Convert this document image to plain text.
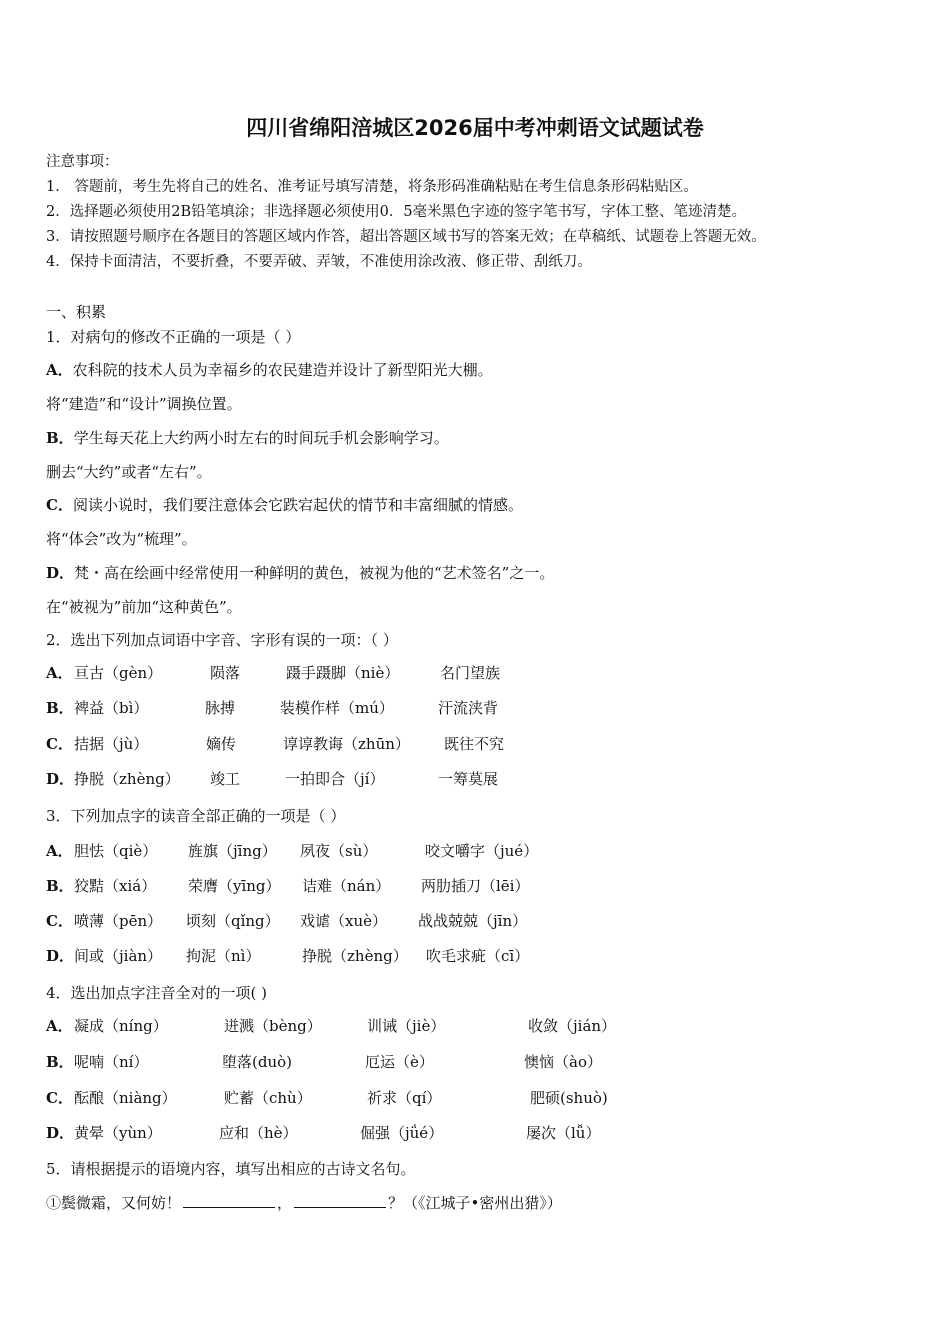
四川省绵阳涪城区2026届中考冲刺语文试题试卷
注意事项：
1． 答题前，考生先将自己的姓名、准考证号填写清楚，将条形码准确粘贴在考生信息条形码粘贴区。
2．选择题必须使用2B铅笔填涂；非选择题必须使用0．5毫米黑色字迹的签字笔书写，字体工整、笔迹清楚。
3．请按照题号顺序在各题目的答题区域内作答，超出答题区域书写的答案无效；在草稿纸、试题卷上答题无效。
4．保持卡面清洁，不要折叠，不要弄破、弄皱，不准使用涂改液、修正带、刮纸刀。
一、积累
1．对病句的修改不正确的一项是（ ）
A．农科院的技术人员为幸福乡的农民建造并设计了新型阳光大棚。
将“建造”和“设计”调换位置。
B．学生每天花上大约两小时左右的时间玩手机会影响学习。
删去“大约”或者“左右”。
C．阅读小说时，我们要注意体会它跌宕起伏的情节和丰富细腻的情感。
将“体会”改为“梳理”。
D．梵・高在绘画中经常使用一种鲜明的黄色，被视为他的“艺术签名”之一。
在“被视为”前加“这种黄色”。
2．选出下列加点词语中字音、字形有误的一项：（ ）
A． 亘古（gèn）	陨落	蹑手蹑脚（niè）	名门望族
B． 裨益（bì）	脉搏	装模作样（mú）	汗流浃背
C． 拮据（jù）	嫡传	谆谆教诲（zhūn） 既往不究
D． 挣脱（zhèng） 竣工	一拍即合（jí）	一筹莫展
3．下列加点字的读音全部正确的一项是（ ）
A． 胆怯（qiè） 旌旗（jīng） 夙夜（sù）	咬文嚼字（jué）
B． 狡黠（xiá） 荣膺（yīng） 诘难（nán） 两肋插刀（lēi）
C． 喷薄（pēn） 顷刻（qǐng） 戏谑（xuè） 战战兢兢（jīn）
D． 间或（jiàn） 拘泥（nì）	挣脱（zhèng） 吹毛求疵（cī）
4．选出加点字注音全对的一项( )
A． 凝成（níng）	迸溅（bèng）	训诫（jiè）	收敛（jián）
B． 呢喃（ní）	堕落(duò)	厄运（è）	懊恼（ào）
C． 酝酿（niàng）	贮蓄（chù）	祈求（qí）	肥硕(shuò)
D． 黄晕（yùn）	应和（hè）	倔强（jǘé）	屡次（lǚ）
5．请根据提示的语境内容，填写出相应的古诗文名句。
①鬓微霜，又何妨！	，	？（《江城子•密州出猎》）
